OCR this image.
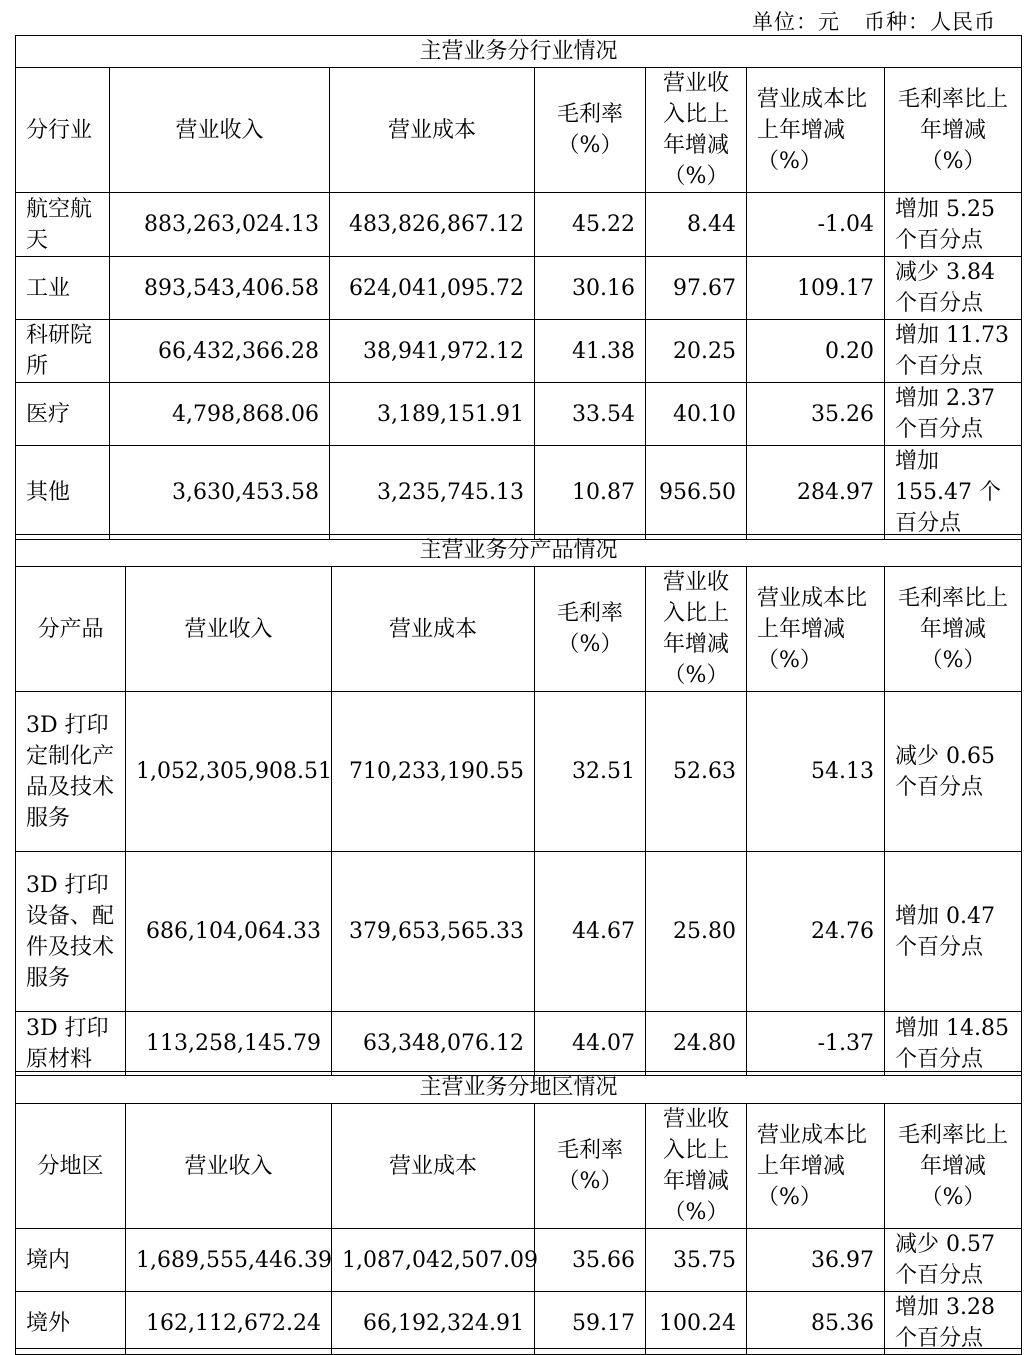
单位：元 币种：人民币
主营业务分行业情况						
分行业	营业收入	营业成本	毛利率（%）	营业收入比上年增减（%）	营业成本比上年增减（%）	毛利率比上年增减（%）
航空航天	883,263,024.13	483,826,867.12	45.22	8.44	-1.04	增加 5.25 个百分点
工业	893,543,406.58	624,041,095.72	30.16	97.67	109.17	减少 3.84 个百分点
科研院所	66,432,366.28	38,941,972.12	41.38	20.25	0.20	增加 11.73 个百分点
医疗	4,798,868.06	3,189,151.91	33.54	40.10	35.26	增加 2.37 个百分点
其他	3,630,453.58	3,235,745.13	10.87	956.50	284.97	增加 155.47 个百分点
主营业务分产品情况						
分产品	营业收入	营业成本	毛利率（%）	营业收入比上年增减（%）	营业成本比上年增减（%）	毛利率比上年增减（%）
3D 打印定制化产品及技术服务	1,052,305,908.51	710,233,190.55	32.51	52.63	54.13	减少 0.65 个百分点
3D 打印设备、配件及技术服务	686,104,064.33	379,653,565.33	44.67	25.80	24.76	增加 0.47 个百分点
3D 打印原材料	113,258,145.79	63,348,076.12	44.07	24.80	-1.37	增加 14.85 个百分点
主营业务分地区情况						
分地区	营业收入	营业成本	毛利率（%）	营业收入比上年增减（%）	营业成本比上年增减（%）	毛利率比上年增减（%）
境内	1,689,555,446.39	1,087,042,507.09	35.66	35.75	36.97	减少 0.57 个百分点
境外	162,112,672.24	66,192,324.91	59.17	100.24	85.36	增加 3.28 个百分点
